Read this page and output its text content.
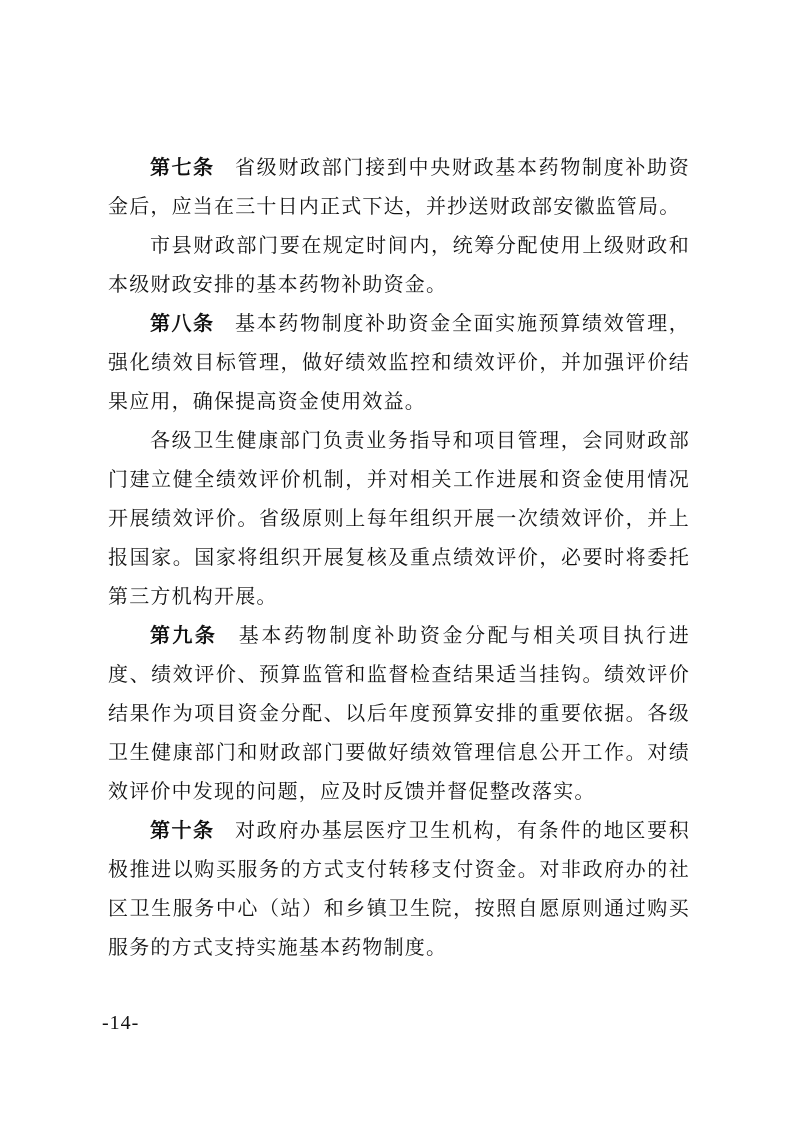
第七条 省级财政部门接到中央财政基本药物制度补助资金后，应当在三十日内正式下达，并抄送财政部安徽监管局。

市县财政部门要在规定时间内，统筹分配使用上级财政和本级财政安排的基本药物补助资金。

第八条 基本药物制度补助资金全面实施预算绩效管理，强化绩效目标管理，做好绩效监控和绩效评价，并加强评价结果应用，确保提高资金使用效益。

各级卫生健康部门负责业务指导和项目管理，会同财政部门建立健全绩效评价机制，并对相关工作进展和资金使用情况开展绩效评价。省级原则上每年组织开展一次绩效评价，并上报国家。国家将组织开展复核及重点绩效评价，必要时将委托第三方机构开展。

第九条 基本药物制度补助资金分配与相关项目执行进度、绩效评价、预算监管和监督检查结果适当挂钩。绩效评价结果作为项目资金分配、以后年度预算安排的重要依据。各级卫生健康部门和财政部门要做好绩效管理信息公开工作。对绩效评价中发现的问题，应及时反馈并督促整改落实。

第十条 对政府办基层医疗卫生机构，有条件的地区要积极推进以购买服务的方式支付转移支付资金。对非政府办的社区卫生服务中心（站）和乡镇卫生院，按照自愿原则通过购买服务的方式支持实施基本药物制度。

-14-
